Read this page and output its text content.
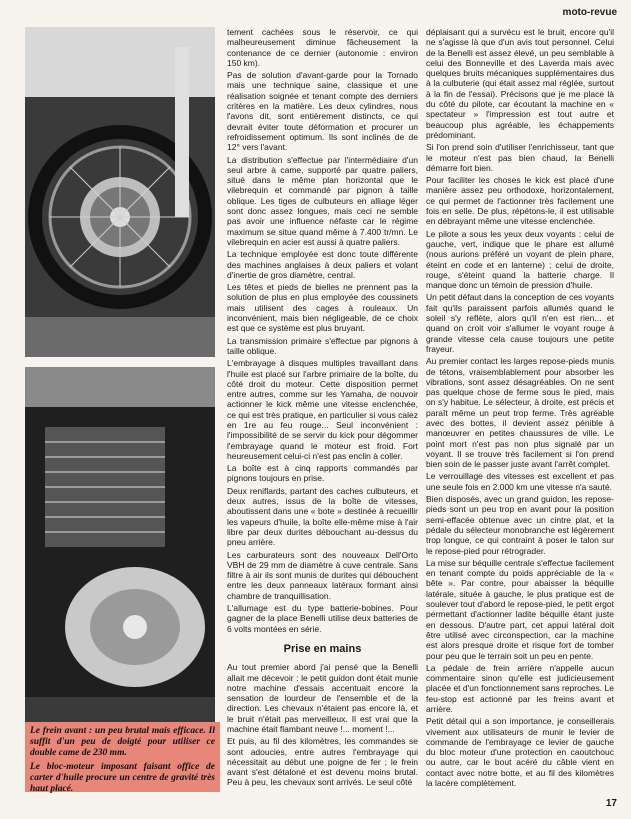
moto-revue

Le frein avant : un peu brutal mais efficace. Il suffit d'un peu de doigté pour utiliser ce double came de 230 mm.

Le bloc-moteur imposant faisant office de carter d'huile procure un centre de gravité très haut placé.

tement cachées sous le réservoir, ce qui malheureusement diminue fâcheusement la contenance de ce dernier (autonomie : environ 150 km).

Pas de solution d'avant-garde pour la Tornado mais une technique saine, classique et une réalisation soignée et tenant compte des derniers critères en la matière. Les deux cylindres, nous l'avons dit, sont entièrement distincts, ce qui devrait éviter toute déformation et procurer un refroidissement optimum. Ils sont inclinés de de 12° vers l'avant.

La distribution s'effectue par l'intermédiaire d'un seul arbre à came, supporté par quatre paliers, situé dans le même plan horizontal que le vilebrequin et commandé par pignon à taille oblique. Les tiges de culbuteurs en alliage léger sont donc assez longues, mais ceci ne semble pas avoir une influence néfaste car le régime maximum se situe quand même à 7.400 tr/mn. Le vilebrequin en acier est aussi à quatre paliers.

La technique employée est donc toute différente des machines anglaises à deux paliers et volant d'inertie de gros diamètre, central.

Les têtes et pieds de bielles ne prennent pas la solution de plus en plus employée des coussinets mais utilisent des cages à rouleaux. Un inconvénient, mais bien négligeable, de ce choix est que ce système est plus bruyant.

La transmission primaire s'effectue par pignons à taille oblique.

L'embrayage à disques multiples travaillant dans l'huile est placé sur l'arbre primaire de la boîte, du côté droit du moteur. Cette disposition permet entre autres, comme sur les Yamaha, de nouvoir actionner le kick même une vitesse enclenchée, ce qui est très pratique, en particulier si vous calez en 1re au feu rouge... Seul inconvénient : l'impossibilité de se servir du kick pour dégommer l'embrayage quand le moteur est froid. Fort heureusement celui-ci n'est pas enclin à coller.

La boîte est à cinq rapports commandés par pignons toujours en prise.

Deux reniflards, partant des caches culbuteurs, et deux autres, issus de la boîte de vitesses, aboutissent dans une « bote » destinée à recueillir les vapeurs d'huile, la boîte elle-même mise à l'air libre par deux durites débouchant au-dessus du pneu arrière.

Les carburateurs sont des nouveaux Dell'Orto VBH de 29 mm de diamètre à cuve centrale. Sans filtre à air ils sont munis de durites qui débouchent entre les deux panneaux latéraux formant ainsi chambre de tranquillisation.

L'allumage est du type batterie-bobines. Pour gagner de la place Benelli utilise deux batteries de 6 volts montées en série.

Prise en mains

Au tout premier abord j'ai pensé que la Benelli allait me décevoir : le petit guidon dont était munie notre machine d'essais accentuait encore la sensation de lourdeur de l'ensemble et de la direction. Les chevaux n'étaient pas encore là, et le bruit n'était pas merveilleux. Il est vrai que la machine était flambant neuve !... moment !...

Et puis, au fil des kilomètres, les commandes se sont adoucies, entre autres l'embrayage qui nécessitait au début une poigne de fer ; le frein avant s'est détaloné et est devenu moins brutal. Peu à peu, les chevaux sont arrivés. Le seul côté

déplaisant qui a survécu est le bruit, encore qu'il ne s'agisse là que d'un avis tout personnel. Celui de la Benelli est assez élevé, un peu semblable à celui des Bonneville et des Laverda mais avec quelques bruits mécaniques supplémentaires dus à la culbuterie (qui était assez mal réglée, surtout à la fin de l'essai). Précisons que je me place là du côté du pilote, car écoutant la machine en « spectateur » l'impression est tout autre et beaucoup plus agréable, les échappements prédominant.

Si l'on prend soin d'utiliser l'enrichisseur, tant que le moteur n'est pas bien chaud, la Benelli démarre fort bien.

Pour faciliter les choses le kick est placé d'une manière assez peu orthodoxe, horizontalement, ce qui permet de l'actionner très facilement une fois en selle. De plus, répétons-le, il est utilisable en débrayant même une vitesse enclenchée.

Le pilote a sous les yeux deux voyants : celui de gauche, vert, indique que le phare est allumé (nous aurions préféré un voyant de plein phare, éteint en code et en lanterne) ; celui de droite, rouge, s'éteint quand la batterie charge. Il manque donc un témoin de pression d'huile.

Un petit défaut dans la conception de ces voyants fait qu'ils paraissent parfois allumés quand le soleil s'y reflète, alors qu'il n'en est rien... et quand on croit voir s'allumer le voyant rouge à grande vitesse cela cause toujours une petite frayeur.

Au premier contact les larges repose-pieds munis de tétons, vraisemblablement pour absorber les vibrations, sont assez désagréables. On ne sent pas quelque chose de ferme sous le pied, mais on s'y habitue. Le sélecteur, à droite, est précis et paraît même un peut trop ferme. Très agréable avec des bottes, il devient assez pénible à manœuvrer en petites chaussures de ville. Le point mort n'est pas non plus signalé par un voyant. Il se trouve très facilement si l'on prend bien soin de le passer juste avant l'arrêt complet.

Le verrouillage des vitesses est excellent et pas une seule fois en 2.000 km une vitesse n'a sauté.

Bien disposés, avec un grand guidon, les repose-pieds sont un peu trop en avant pour la position semi-effacée obtenue avec un cintre plat, et la pédale du sélecteur monobranche est légèrement trop longue, ce qui contraint à poser le talon sur le repose-pied pour rétrograder.

La mise sur béquille centrale s'effectue facilement en tenant compte du poids appréciable de la « bête ». Par contre, pour abaisser la béquille latérale, située à gauche, le plus pratique est de soulever tout d'abord le repose-pied, le petit ergot permettant d'actionner ladite béquille étant juste en dessous. D'autre part, cet appui latéral doit être utilisé avec circonspection, car la machine est alors presque droite et risque fort de tomber pour peu que le terrain soit un peu en pente.

La pédale de frein arrière n'appelle aucun commentaire sinon qu'elle est judicieusement placée et d'un fonctionnement sans reproches. Le feu-stop est actionné par les freins avant et arrière.

Petit détail qui a son importance, je conseillerais vivement aux utilisateurs de munir le levier de commande de l'embrayage ce levier de gauche du bloc moteur d'une protection en caoutchouc ou autre, car le bout acéré du câble vient en contact avec notre botte, et au fil des kilomètres la lacère complètement.

17
